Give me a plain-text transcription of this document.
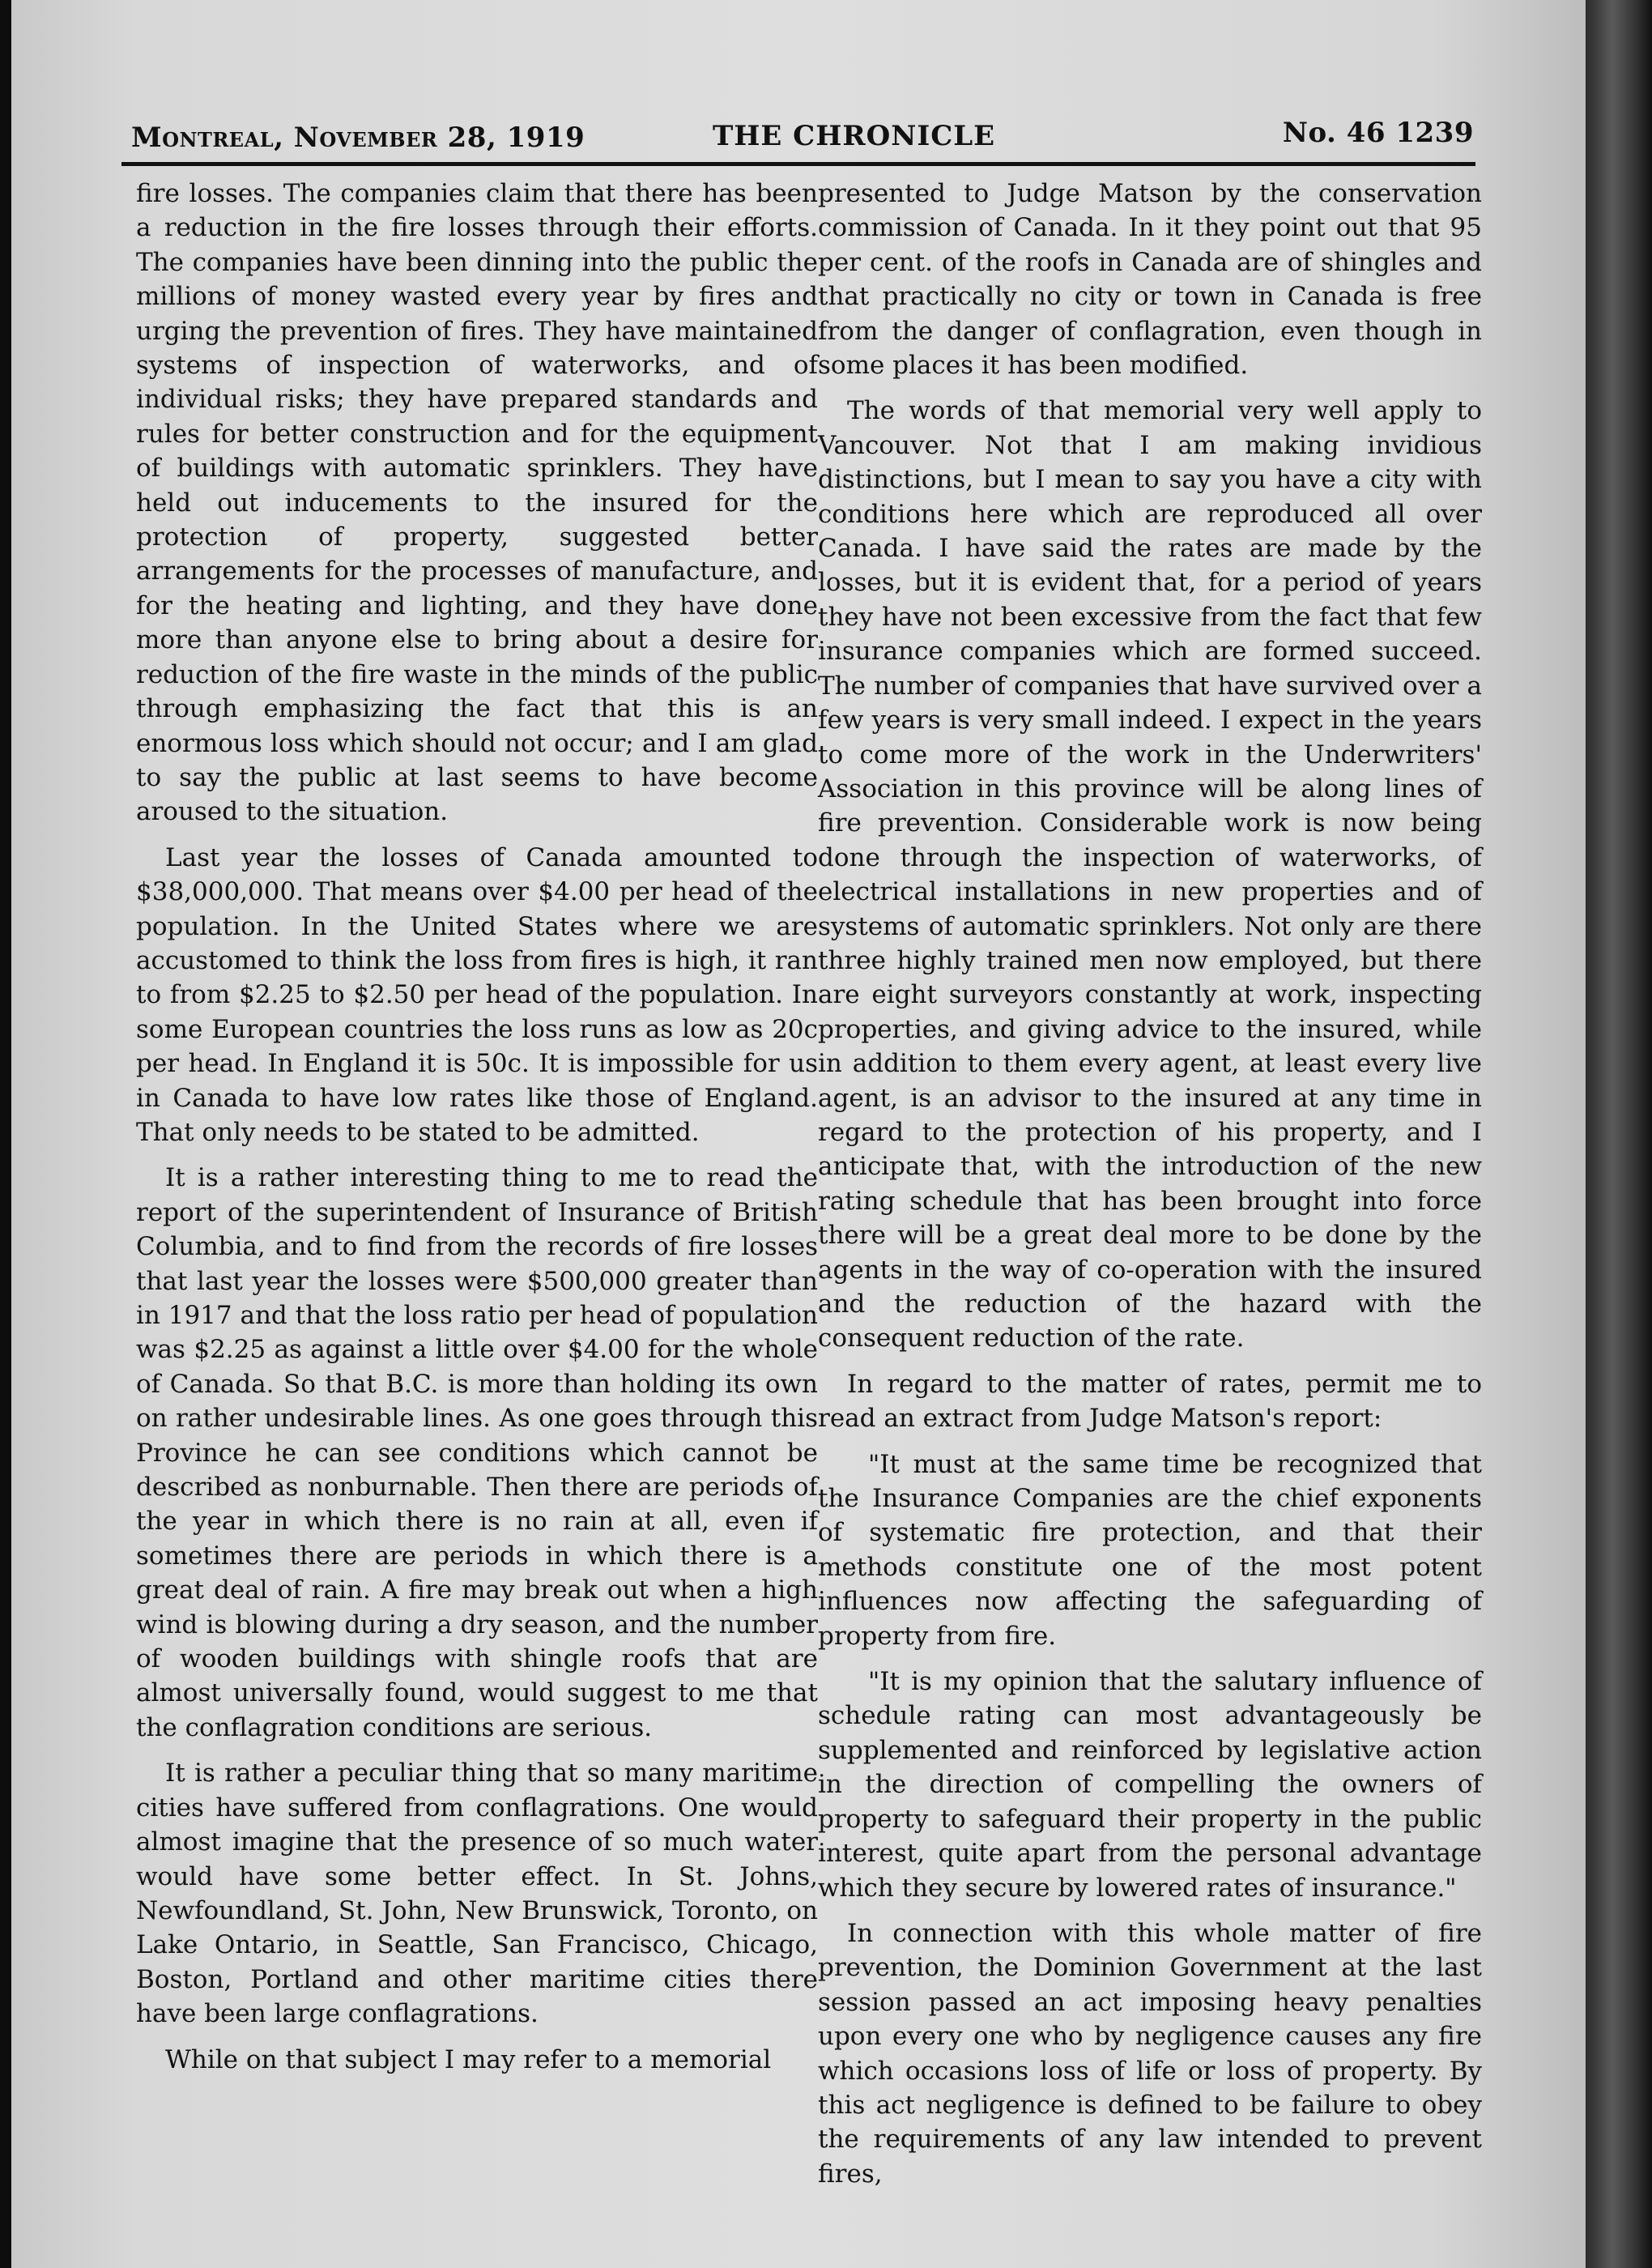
Montreal, November 28, 1919	THE CHRONICLE	No. 46 1239

fire losses. The companies claim that there has been a reduction in the fire losses through their efforts. The companies have been dinning into the public the millions of money wasted every year by fires and urging the prevention of fires. They have maintained systems of inspection of waterworks, and of individual risks; they have prepared standards and rules for better construction and for the equipment of buildings with automatic sprinklers. They have held out inducements to the insured for the protection of property, suggested better arrangements for the processes of manufacture, and for the heating and lighting, and they have done more than anyone else to bring about a desire for reduction of the fire waste in the minds of the public through emphasizing the fact that this is an enormous loss which should not occur; and I am glad to say the public at last seems to have become aroused to the situation.

Last year the losses of Canada amounted to $38,000,000. That means over $4.00 per head of the population. In the United States where we are accustomed to think the loss from fires is high, it ran to from $2.25 to $2.50 per head of the population. In some European countries the loss runs as low as 20c per head. In England it is 50c. It is impossible for us in Canada to have low rates like those of England. That only needs to be stated to be admitted.

It is a rather interesting thing to me to read the report of the superintendent of Insurance of British Columbia, and to find from the records of fire losses that last year the losses were $500,000 greater than in 1917 and that the loss ratio per head of population was $2.25 as against a little over $4.00 for the whole of Canada. So that B.C. is more than holding its own on rather undesirable lines. As one goes through this Province he can see conditions which cannot be described as nonburnable. Then there are periods of the year in which there is no rain at all, even if sometimes there are periods in which there is a great deal of rain. A fire may break out when a high wind is blowing during a dry season, and the number of wooden buildings with shingle roofs that are almost universally found, would suggest to me that the conflagration conditions are serious.

It is rather a peculiar thing that so many maritime cities have suffered from conflagrations. One would almost imagine that the presence of so much water would have some better effect. In St. Johns, Newfoundland, St. John, New Brunswick, Toronto, on Lake Ontario, in Seattle, San Francisco, Chicago, Boston, Portland and other maritime cities there have been large conflagrations.

While on that subject I may refer to a memorial

presented to Judge Matson by the conservation commission of Canada. In it they point out that 95 per cent. of the roofs in Canada are of shingles and that practically no city or town in Canada is free from the danger of conflagration, even though in some places it has been modified.

The words of that memorial very well apply to Vancouver. Not that I am making invidious distinctions, but I mean to say you have a city with conditions here which are reproduced all over Canada. I have said the rates are made by the losses, but it is evident that, for a period of years they have not been excessive from the fact that few insurance companies which are formed succeed. The number of companies that have survived over a few years is very small indeed. I expect in the years to come more of the work in the Underwriters' Association in this province will be along lines of fire prevention. Considerable work is now being done through the inspection of waterworks, of electrical installations in new properties and of systems of automatic sprinklers. Not only are there three highly trained men now employed, but there are eight surveyors constantly at work, inspecting properties, and giving advice to the insured, while in addition to them every agent, at least every live agent, is an advisor to the insured at any time in regard to the protection of his property, and I anticipate that, with the introduction of the new rating schedule that has been brought into force there will be a great deal more to be done by the agents in the way of co-operation with the insured and the reduction of the hazard with the consequent reduction of the rate.

In regard to the matter of rates, permit me to read an extract from Judge Matson's report:

"It must at the same time be recognized that the Insurance Companies are the chief exponents of systematic fire protection, and that their methods constitute one of the most potent influences now affecting the safeguarding of property from fire.

"It is my opinion that the salutary influence of schedule rating can most advantageously be supplemented and reinforced by legislative action in the direction of compelling the owners of property to safeguard their property in the public interest, quite apart from the personal advantage which they secure by lowered rates of insurance."

In connection with this whole matter of fire prevention, the Dominion Government at the last session passed an act imposing heavy penalties upon every one who by negligence causes any fire which occasions loss of life or loss of property. By this act negligence is defined to be failure to obey the requirements of any law intended to prevent fires,
